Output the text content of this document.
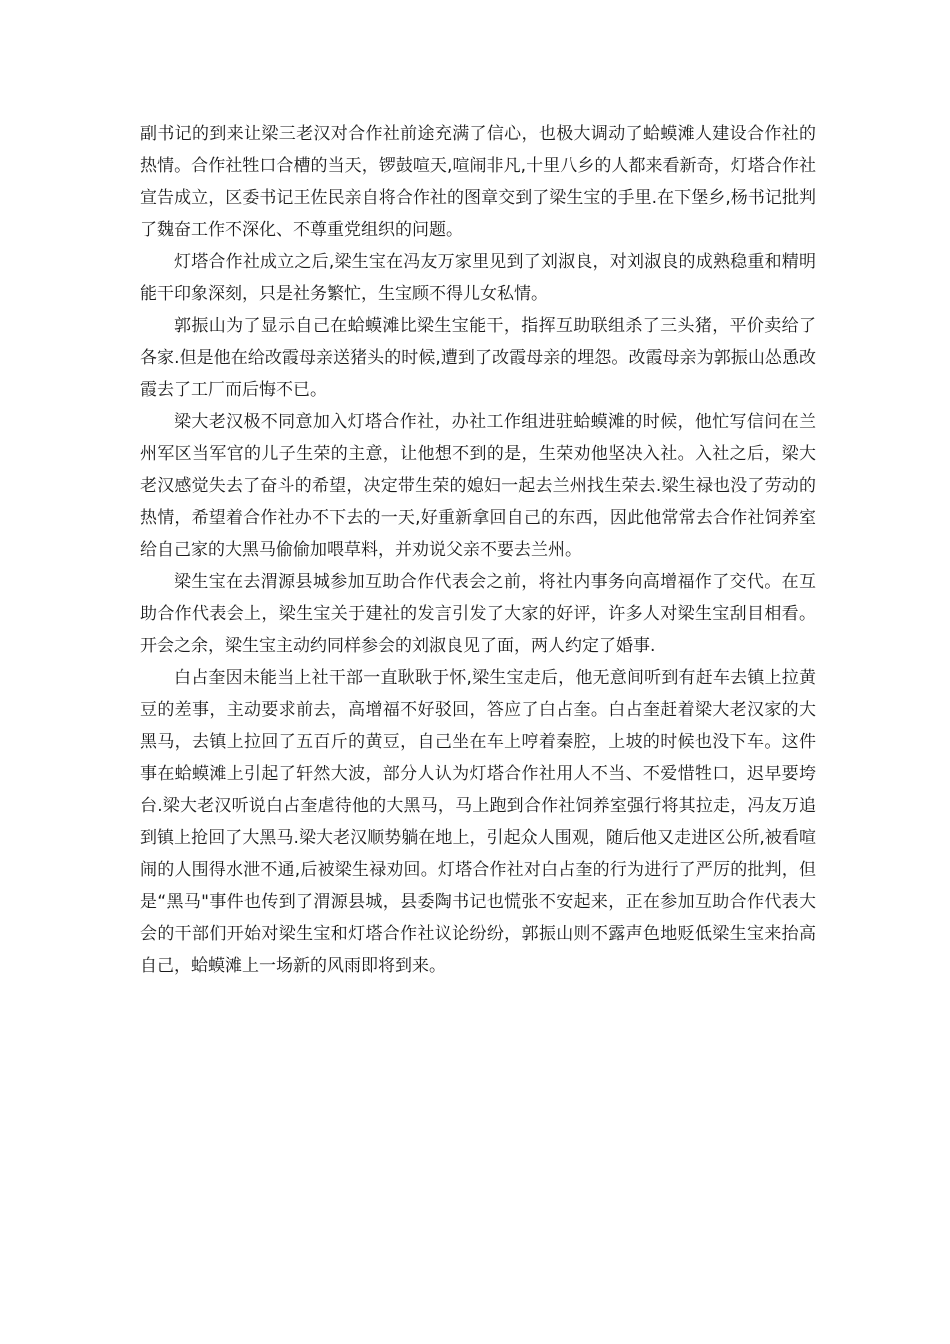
副书记的到来让梁三老汉对合作社前途充满了信心，也极大调动了蛤蟆滩人建设合作社的热情。合作社牲口合槽的当天，锣鼓喧天,喧闹非凡,十里八乡的人都来看新奇，灯塔合作社宣告成立，区委书记王佐民亲自将合作社的图章交到了梁生宝的手里.在下堡乡,杨书记批判了魏奋工作不深化、不尊重党组织的问题。

灯塔合作社成立之后,梁生宝在冯友万家里见到了刘淑良，对刘淑良的成熟稳重和精明能干印象深刻，只是社务繁忙，生宝顾不得儿女私情。

郭振山为了显示自己在蛤蟆滩比梁生宝能干，指挥互助联组杀了三头猪，平价卖给了各家.但是他在给改霞母亲送猪头的时候,遭到了改霞母亲的埋怨。改霞母亲为郭振山怂恿改霞去了工厂而后悔不已。

梁大老汉极不同意加入灯塔合作社，办社工作组进驻蛤蟆滩的时候，他忙写信问在兰州军区当军官的儿子生荣的主意，让他想不到的是，生荣劝他坚决入社。入社之后，梁大老汉感觉失去了奋斗的希望，决定带生荣的媳妇一起去兰州找生荣去.梁生禄也没了劳动的热情，希望着合作社办不下去的一天,好重新拿回自己的东西，因此他常常去合作社饲养室给自己家的大黑马偷偷加喂草料，并劝说父亲不要去兰州。

梁生宝在去渭源县城参加互助合作代表会之前，将社内事务向高增福作了交代。在互助合作代表会上，梁生宝关于建社的发言引发了大家的好评，许多人对梁生宝刮目相看。开会之余，梁生宝主动约同样参会的刘淑良见了面，两人约定了婚事.

白占奎因未能当上社干部一直耿耿于怀,梁生宝走后，他无意间听到有赶车去镇上拉黄豆的差事，主动要求前去，高增福不好驳回，答应了白占奎。白占奎赶着梁大老汉家的大黑马，去镇上拉回了五百斤的黄豆，自己坐在车上哼着秦腔，上坡的时候也没下车。这件事在蛤蟆滩上引起了轩然大波，部分人认为灯塔合作社用人不当、不爱惜牲口，迟早要垮台.梁大老汉听说白占奎虐待他的大黑马，马上跑到合作社饲养室强行将其拉走，冯友万追到镇上抢回了大黑马.梁大老汉顺势躺在地上，引起众人围观，随后他又走进区公所,被看喧闹的人围得水泄不通,后被梁生禄劝回。灯塔合作社对白占奎的行为进行了严厉的批判，但是“黑马"事件也传到了渭源县城，县委陶书记也慌张不安起来，正在参加互助合作代表大会的干部们开始对梁生宝和灯塔合作社议论纷纷，郭振山则不露声色地贬低梁生宝来抬高自己，蛤蟆滩上一场新的风雨即将到来。
